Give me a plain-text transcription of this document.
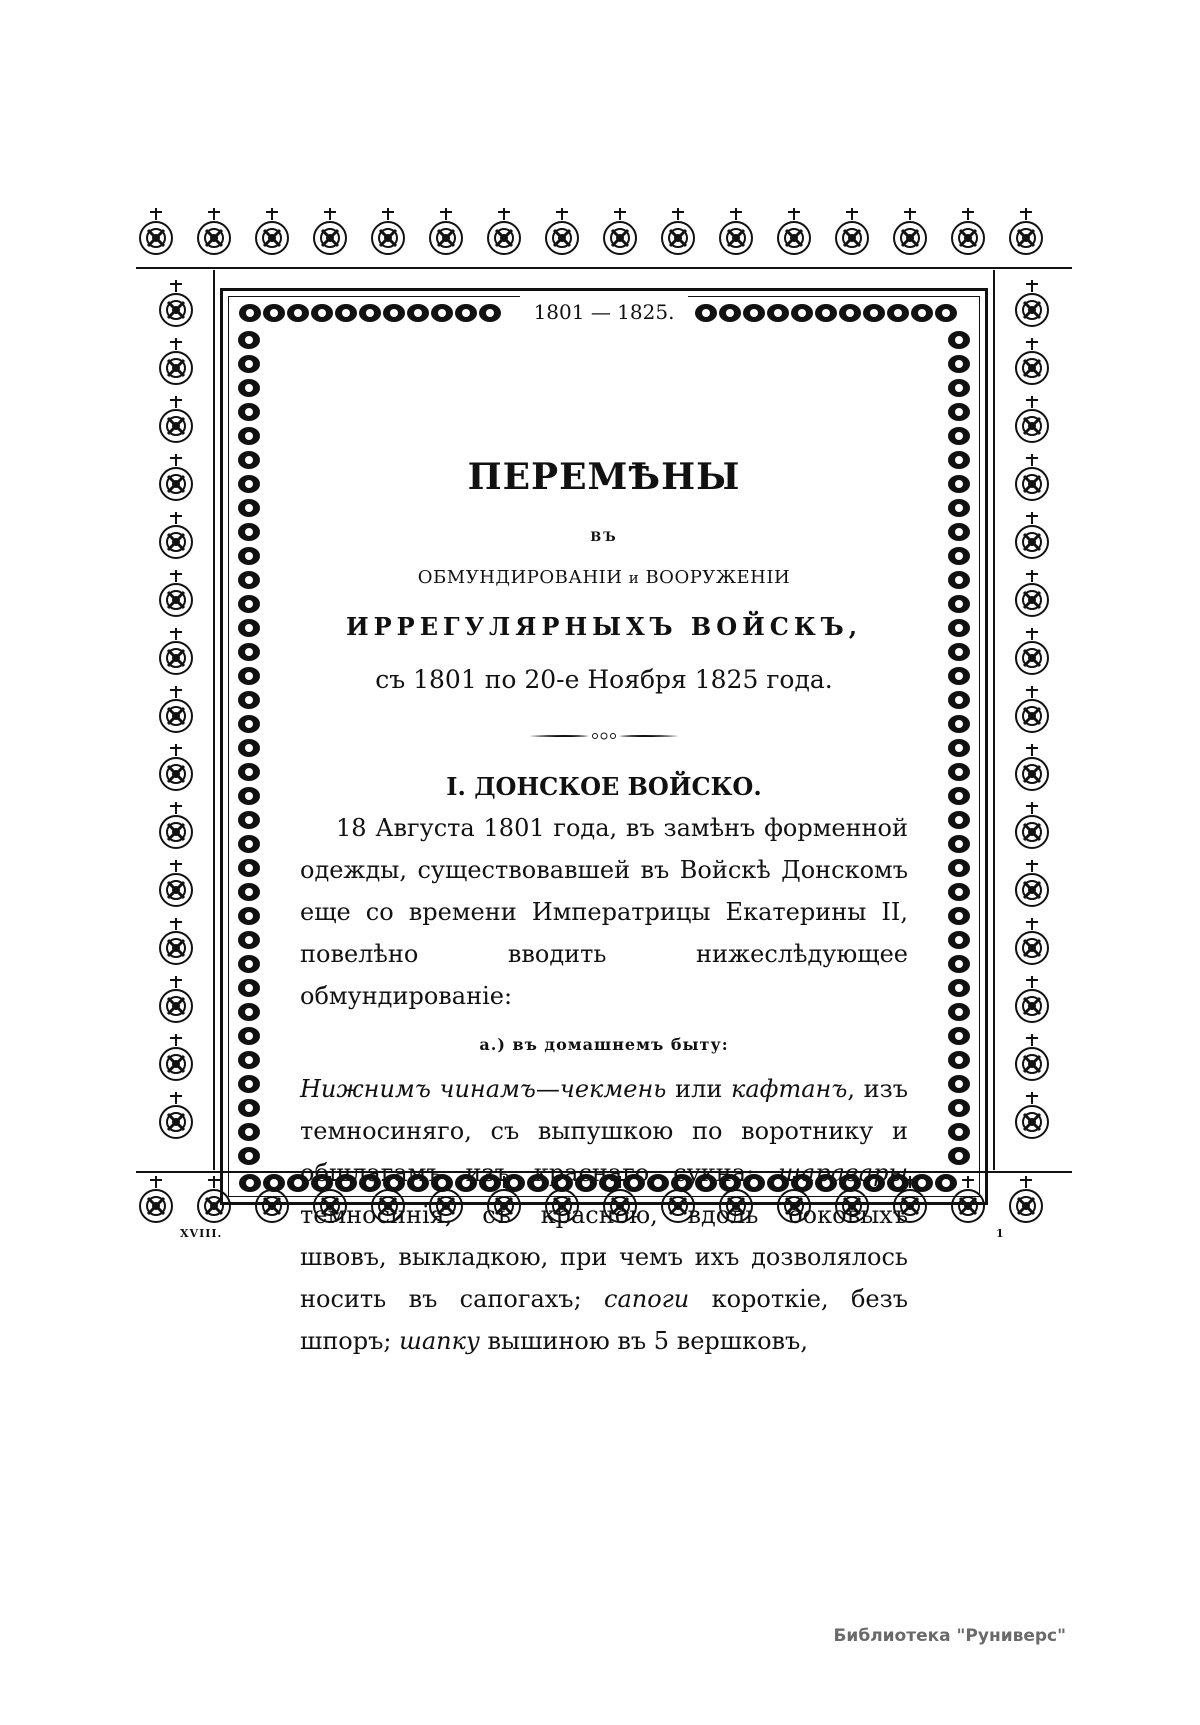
1801 — 1825.
ПЕРЕМѢНЫ
ВЪ
ОБМУНДИРОВАНІИ и ВООРУЖЕНІИ
ИРРЕГУЛЯРНЫХЪ ВОЙСКЪ,
съ 1801 по 20-е Ноября 1825 года.
I. ДОНСКОЕ ВОЙСКО.
18 Августа 1801 года, въ замѣнъ форменной одежды, существовавшей въ Войскѣ Донскомъ еще со времени Императрицы Екатерины II, повелѣно вводить нижеслѣдующее обмундированіе:
а.) въ домашнемъ быту:
Нижнимъ чинамъ—чекмень или кафтанъ, изъ темносиняго, съ выпушкою по воротнику и обшлагамъ изъ краснаго сукна; шаравары темносинія, съ красною, вдоль боковыхъ швовъ, выкладкою, при чемъ ихъ дозволялось носить въ сапогахъ; сапоги короткіе, безъ шпоръ; шапку вышиною въ 5 вершковъ,
XVIII.	1
Библиотека "Руниверс"
